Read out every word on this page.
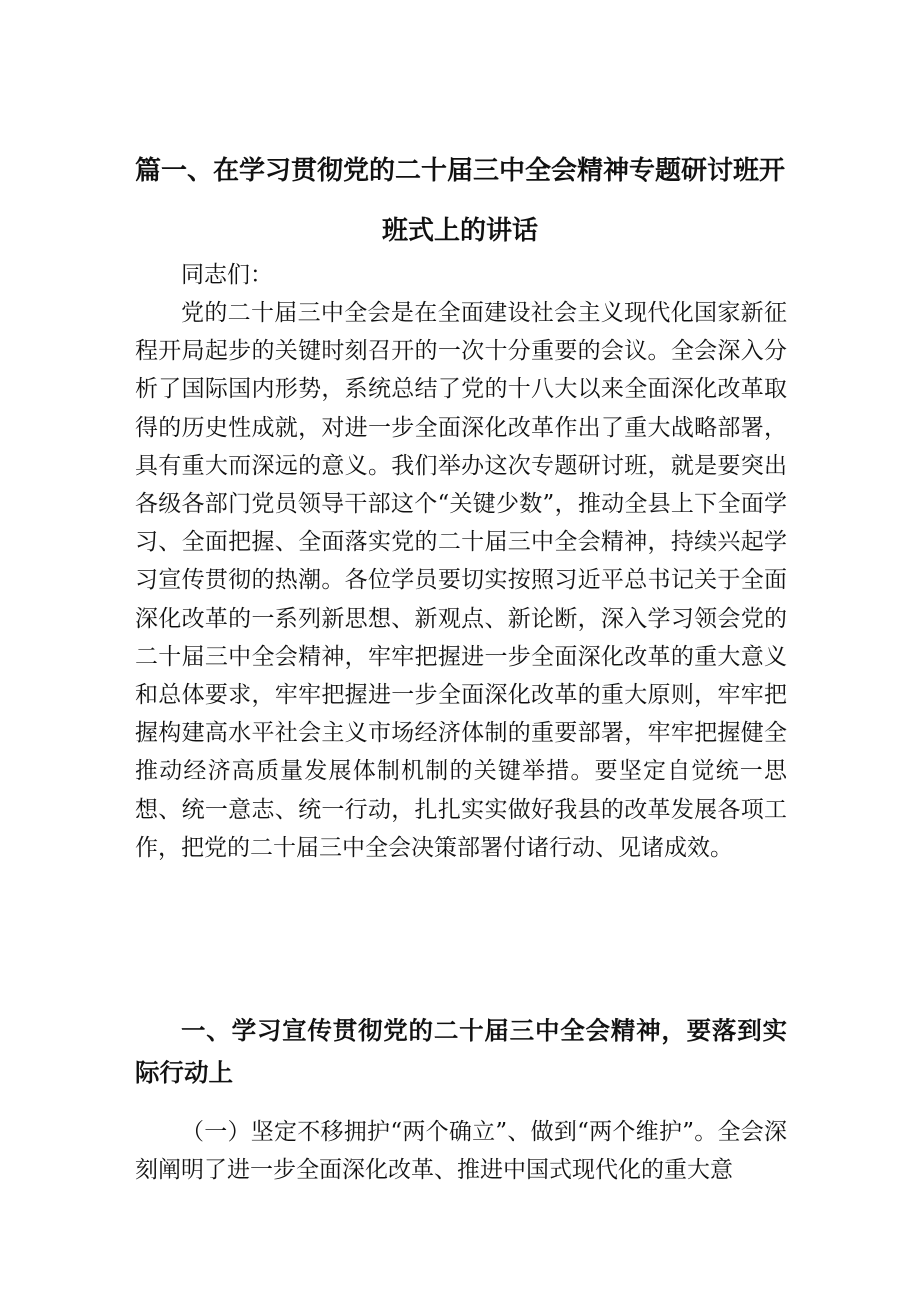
篇一、在学习贯彻党的二十届三中全会精神专题研讨班开
班式上的讲话

同志们：

党的二十届三中全会是在全面建设社会主义现代化国家新征程开局起步的关键时刻召开的一次十分重要的会议。全会深入分析了国际国内形势，系统总结了党的十八大以来全面深化改革取得的历史性成就，对进一步全面深化改革作出了重大战略部署，具有重大而深远的意义。我们举办这次专题研讨班，就是要突出各级各部门党员领导干部这个“关键少数”，推动全县上下全面学习、全面把握、全面落实党的二十届三中全会精神，持续兴起学习宣传贯彻的热潮。各位学员要切实按照习近平总书记关于全面深化改革的一系列新思想、新观点、新论断，深入学习领会党的二十届三中全会精神，牢牢把握进一步全面深化改革的重大意义和总体要求，牢牢把握进一步全面深化改革的重大原则，牢牢把握构建高水平社会主义市场经济体制的重要部署，牢牢把握健全推动经济高质量发展体制机制的关键举措。要坚定自觉统一思想、统一意志、统一行动，扎扎实实做好我县的改革发展各项工作，把党的二十届三中全会决策部署付诸行动、见诸成效。

一、学习宣传贯彻党的二十届三中全会精神，要落到实际行动上

（一）坚定不移拥护“两个确立”、做到“两个维护”。全会深刻阐明了进一步全面深化改革、推进中国式现代化的重大意
